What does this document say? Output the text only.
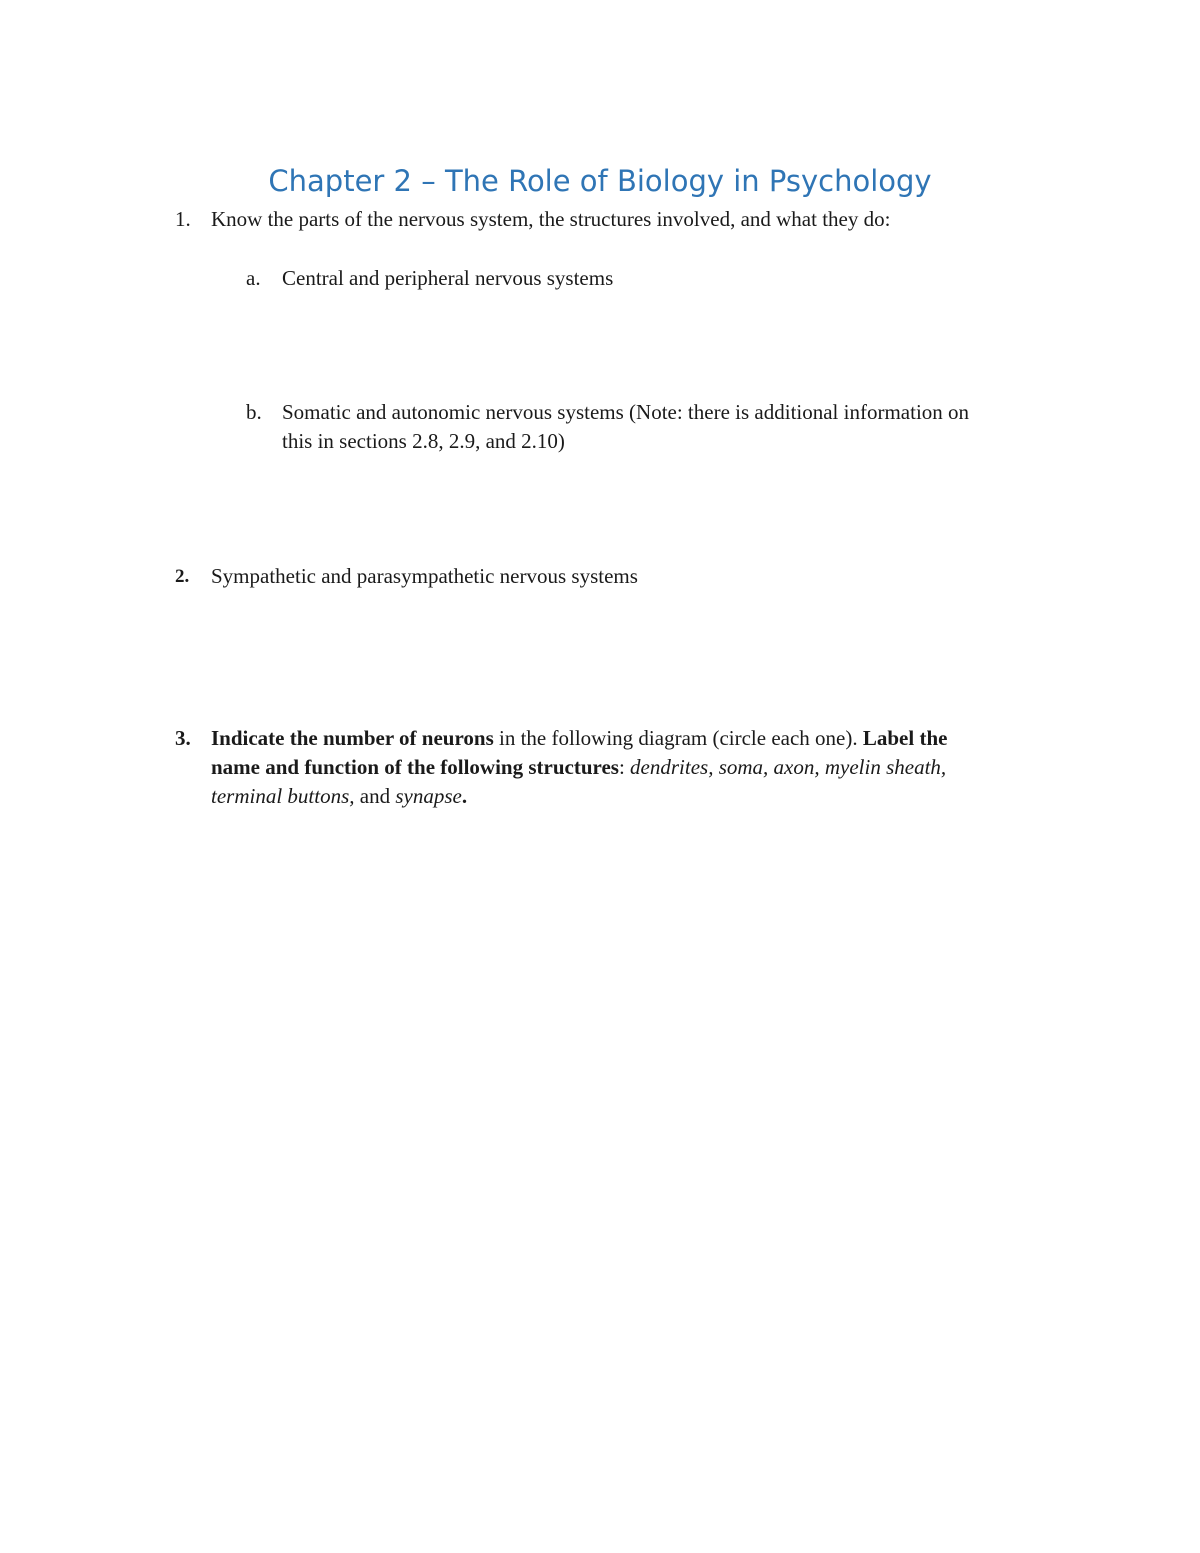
Chapter 2 – The Role of Biology in Psychology
1. Know the parts of the nervous system, the structures involved, and what they do:
a. Central and peripheral nervous systems
b. Somatic and autonomic nervous systems (Note: there is additional information on
this in sections 2.8, 2.9, and 2.10)
2. Sympathetic and parasympathetic nervous systems
3. Indicate the number of neurons in the following diagram (circle each one). Label the
name and function of the following structures: dendrites, soma, axon, myelin sheath,
terminal buttons, and synapse.
